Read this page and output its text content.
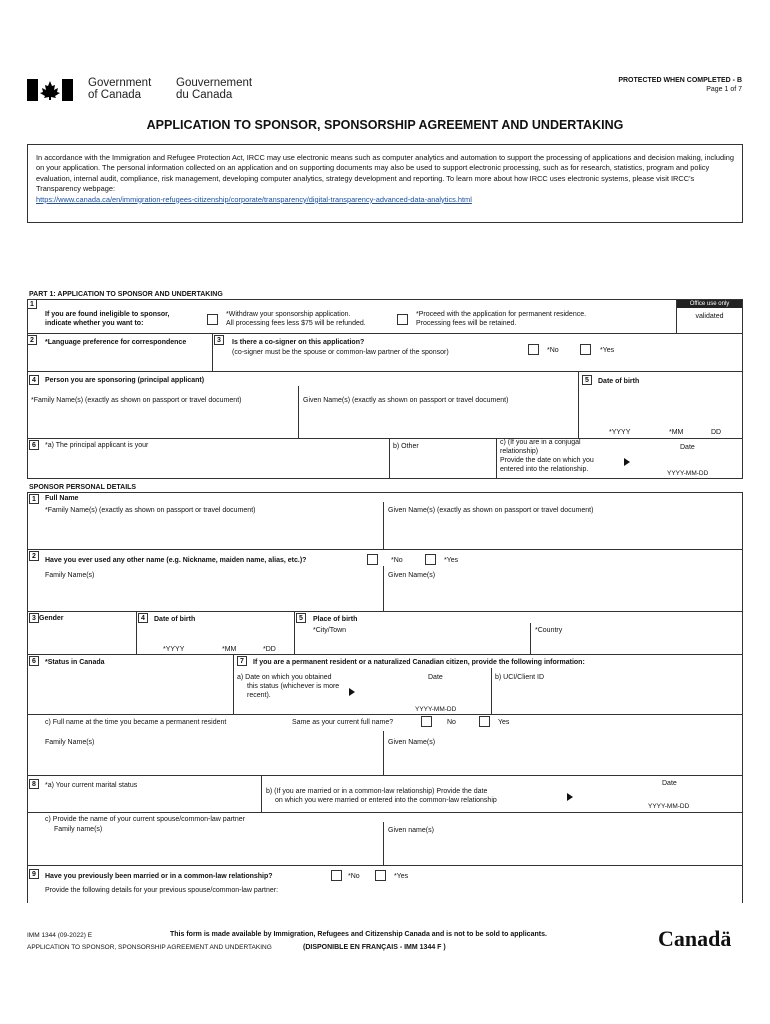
Government
of Canada
Gouvernement
du Canada
PROTECTED WHEN COMPLETED - B
Page 1 of 7
APPLICATION TO SPONSOR, SPONSORSHIP AGREEMENT AND UNDERTAKING
In accordance with the Immigration and Refugee Protection Act, IRCC may use electronic means such as computer analytics and automation to support the processing of applications and decision making, including on your application. The personal information collected on an application and on supporting documents may also be used to support electronic processing, such as for research, statistics, program and policy evaluation, internal audit, compliance, risk management, developing computer analytics, strategy development and reporting. To learn more about how IRCC uses electronic systems, please visit IRCC’s Transparency webpage:
https://www.canada.ca/en/immigration-refugees-citizenship/corporate/transparency/digital-transparency-advanced-data-analytics.html
PART 1: APPLICATION TO SPONSOR AND UNDERTAKING
1
If you are found ineligible to sponsor,
indicate whether you want to:
*Withdraw your sponsorship application.
All processing fees less $75 will be refunded.
*Proceed with the application for permanent residence.
Processing fees will be retained.
Office use only
validated
2	*Language preference for correspondence	3	Is there a co-signer on this application?
(co-signer must be the spouse or common-law partner of the sponsor)	*No	*Yes
4	Person you are sponsoring (principal applicant)
*Family Name(s) (exactly as shown on passport or travel document)	Given Name(s) (exactly as shown on passport or travel document)
5	Date of birth
*YYYY	*MM	DD
6	*a) The principal applicant is your	b) Other
c) (If you are in a conjugal
relationship)
Provide the date on which you
entered into the relationship.
Date
YYYY-MM-DD
SPONSOR PERSONAL DETAILS
1	Full Name
*Family Name(s) (exactly as shown on passport or travel document)	Given Name(s) (exactly as shown on passport or travel document)
2
Have you ever used any other name (e.g. Nickname, maiden name, alias, etc.)?	*No	*Yes
Family Name(s)	Given Name(s)
3 Gender	4	Date of birth
*YYYY	*MM	*DD
5	Place of birth
*City/Town	*Country
6	*Status in Canada	7	If you are a permanent resident or a naturalized Canadian citizen, provide the following information:
a) Date on which you obtained
this status (whichever is more
recent).
Date
YYYY-MM-DD
b) UCI/Client ID
c) Full name at the time you became a permanent resident	Same as your current full name?	No	Yes
Family Name(s)	Given Name(s)
8	*a) Your current marital status
b) (If you are married or in a common-law relationship) Provide the date
on which you were married or entered into the common-law relationship
Date
YYYY-MM-DD
c) Provide the name of your current spouse/common-law partner
Family name(s)	Given name(s)
9	Have you previously been married or in a common-law relationship?	*No	*Yes
Provide the following details for your previous spouse/common-law partner:
IMM 1344 (09-2022) E
APPLICATION TO SPONSOR, SPONSORSHIP AGREEMENT AND UNDERTAKING
This form is made available by Immigration, Refugees and Citizenship Canada and is not to be sold to applicants.
(DISPONIBLE EN FRANÇAIS - IMM 1344 F )	Canadä
